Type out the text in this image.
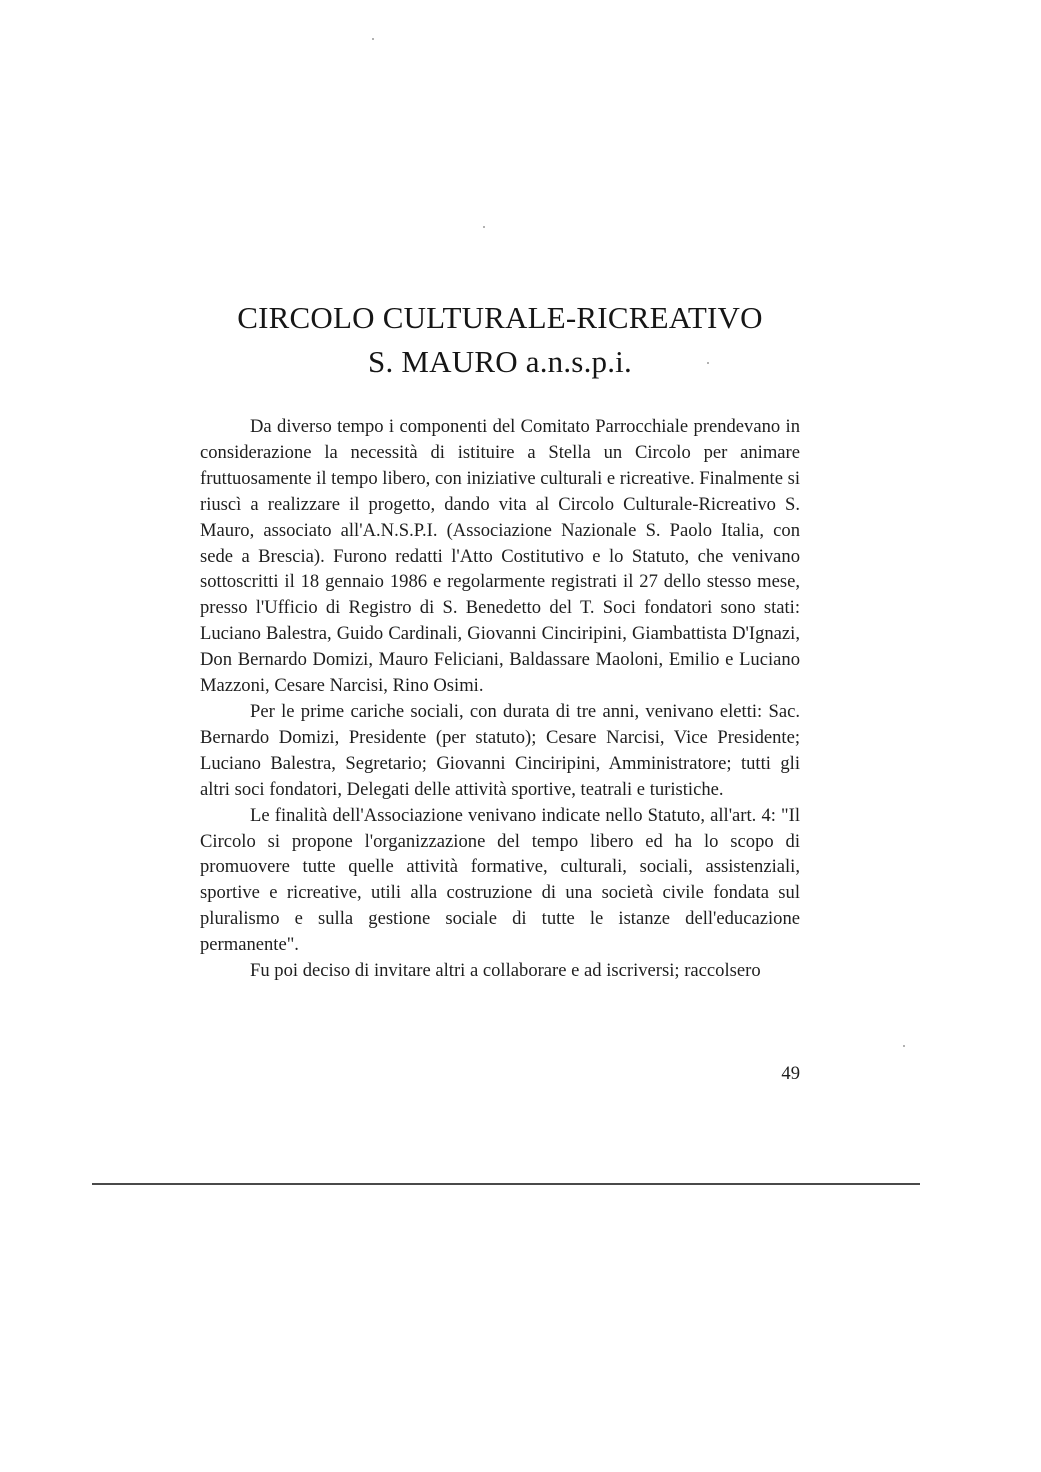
CIRCOLO CULTURALE-RICREATIVO
S. MAURO a.n.s.p.i.

Da diverso tempo i componenti del Comitato Parrocchiale prendevano in considerazione la necessità di istituire a Stella un Circolo per animare fruttuosamente il tempo libero, con iniziative culturali e ricreative. Finalmente si riuscì a realizzare il progetto, dando vita al Circolo Culturale-Ricreativo S. Mauro, associato all'A.N.S.P.I. (Associazione Nazionale S. Paolo Italia, con sede a Brescia). Furono redatti l'Atto Costitutivo e lo Statuto, che venivano sottoscritti il 18 gennaio 1986 e regolarmente registrati il 27 dello stesso mese, presso l'Ufficio di Registro di S. Benedetto del T. Soci fondatori sono stati: Luciano Balestra, Guido Cardinali, Giovanni Cinciripini, Giambattista D'Ignazi, Don Bernardo Domizi, Mauro Feliciani, Baldassare Maoloni, Emilio e Luciano Mazzoni, Cesare Narcisi, Rino Osimi.

Per le prime cariche sociali, con durata di tre anni, venivano eletti: Sac. Bernardo Domizi, Presidente (per statuto); Cesare Narcisi, Vice Presidente; Luciano Balestra, Segretario; Giovanni Cinciripini, Amministratore; tutti gli altri soci fondatori, Delegati delle attività sportive, teatrali e turistiche.

Le finalità dell'Associazione venivano indicate nello Statuto, all'art. 4: "Il Circolo si propone l'organizzazione del tempo libero ed ha lo scopo di promuovere tutte quelle attività formative, culturali, sociali, assistenziali, sportive e ricreative, utili alla costruzione di una società civile fondata sul pluralismo e sulla gestione sociale di tutte le istanze dell'educazione permanente".

Fu poi deciso di invitare altri a collaborare e ad iscriversi; raccolsero

49
